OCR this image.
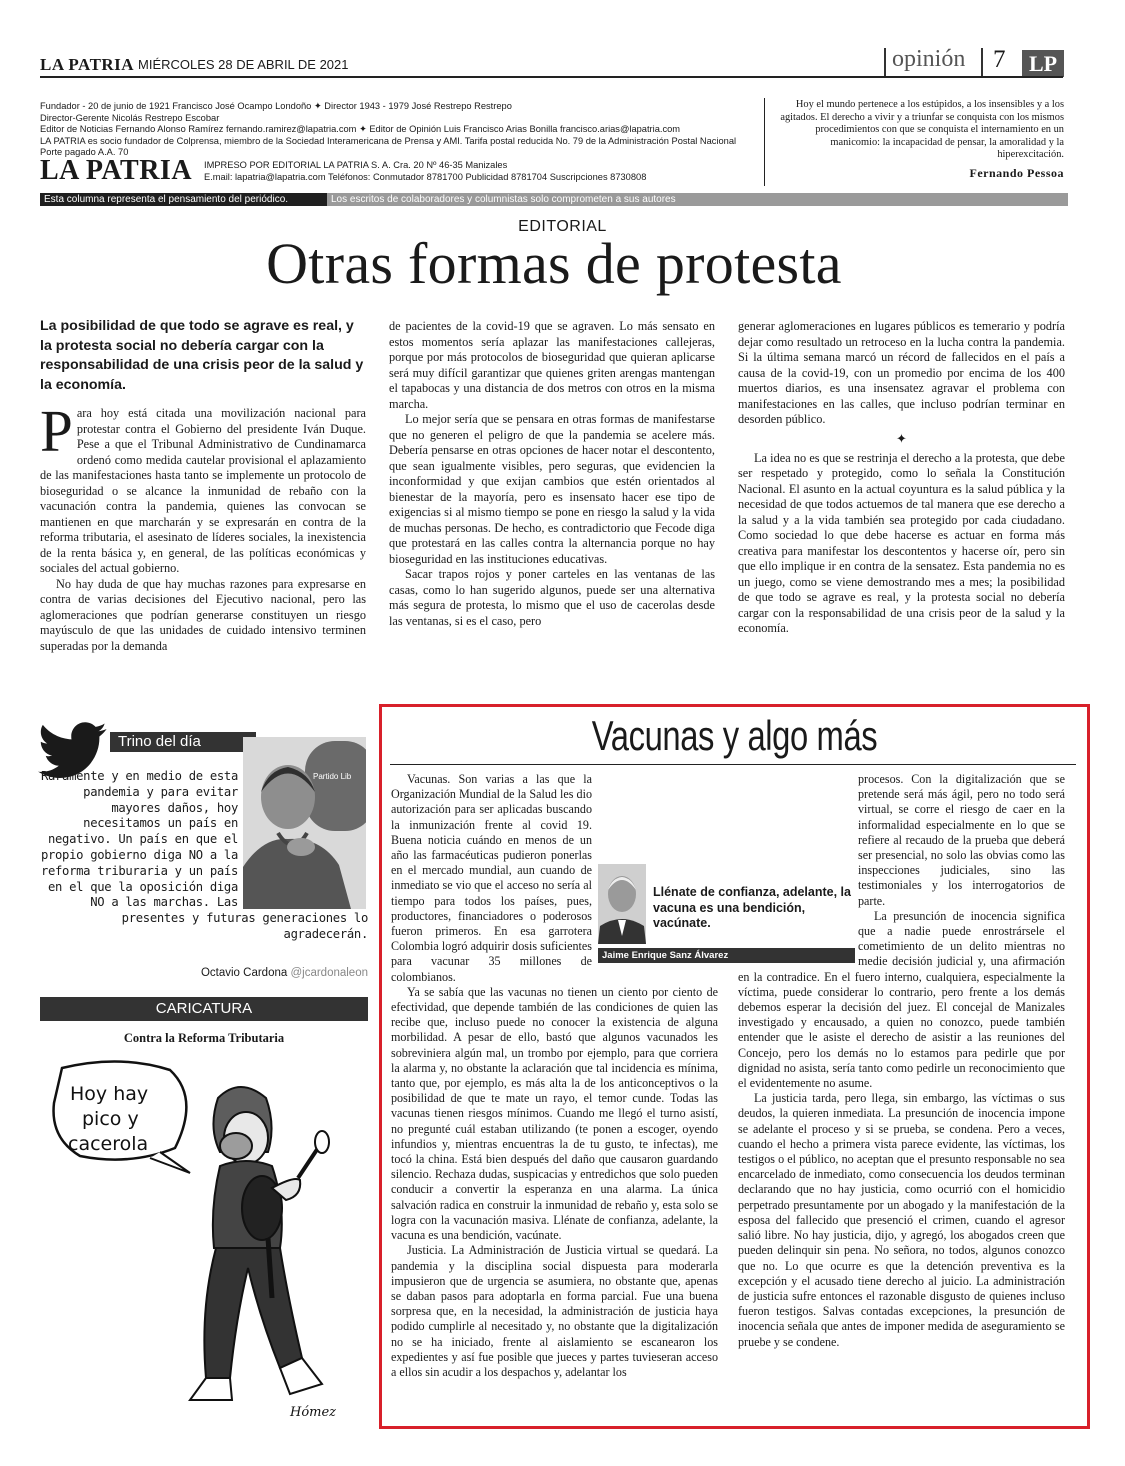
LA PATRIA MIÉRCOLES 28 DE ABRIL DE 2021	opinión 7	LP
Fundador - 20 de junio de 1921 Francisco José Ocampo Londoño ✦ Director 1943 - 1979 José Restrepo Restrepo
Director-Gerente Nicolás Restrepo Escobar
Editor de Noticias Fernando Alonso Ramírez fernando.ramirez@lapatria.com ✦ Editor de Opinión Luis Francisco Arias Bonilla francisco.arias@lapatria.com
LA PATRIA es socio fundador de Colprensa, miembro de la Sociedad Interamericana de Prensa y AMI. Tarifa postal reducida No. 79 de la Administración Postal Nacional Porte pagado A.A. 70
LA PATRIA IMPRESO POR EDITORIAL LA PATRIA S. A. Cra. 20 Nº 46-35 Manizales
E.mail: lapatria@lapatria.com Teléfonos: Conmutador 8781700 Publicidad 8781704 Suscripciones 8730808
Hoy el mundo pertenece a los estúpidos, a los insensibles y a los agitados. El derecho a vivir y a triunfar se conquista con los mismos procedimientos con que se conquista el internamiento en un manicomio: la incapacidad de pensar, la amoralidad y la hiperexcitación.
Fernando Pessoa
Esta columna representa el pensamiento del periódico.	Los escritos de colaboradores y columnistas solo comprometen a sus autores
EDITORIAL
Otras formas de protesta
La posibilidad de que todo se agrave es real, y la protesta social no debería cargar con la responsabilidad de una crisis peor de la salud y la economía.

Para hoy está citada una movilización nacional para protestar contra el Gobierno del presidente Iván Duque. Pese a que el Tribunal Administrativo de Cundinamarca ordenó como medida cautelar provisional el aplazamiento de las manifestaciones hasta tanto se implemente un protocolo de bioseguridad o se alcance la inmunidad de rebaño con la vacunación contra la pandemia, quienes las convocan se mantienen en que marcharán y se expresarán en contra de la reforma tributaria, el asesinato de líderes sociales, la inexistencia de la renta básica y, en general, de las políticas económicas y sociales del actual gobierno.

No hay duda de que hay muchas razones para expresarse en contra de varias decisiones del Ejecutivo nacional, pero las aglomeraciones que podrían generarse constituyen un riesgo mayúsculo de que las unidades de cuidado intensivo terminen superadas por la demanda

de pacientes de la covid-19 que se agraven. Lo más sensato en estos momentos sería aplazar las manifestaciones callejeras, porque por más protocolos de bioseguridad que quieran aplicarse será muy difícil garantizar que quienes griten arengas mantengan el tapabocas y una distancia de dos metros con otros en la misma marcha.

Lo mejor sería que se pensara en otras formas de manifestarse que no generen el peligro de que la pandemia se acelere más. Debería pensarse en otras opciones de hacer notar el descontento, que sean igualmente visibles, pero seguras, que evidencien la inconformidad y que exijan cambios que estén orientados al bienestar de la mayoría, pero es insensato hacer ese tipo de exigencias si al mismo tiempo se pone en riesgo la salud y la vida de muchas personas. De hecho, es contradictorio que Fecode diga que protestará en las calles contra la alternancia porque no hay bioseguridad en las instituciones educativas.

Sacar trapos rojos y poner carteles en las ventanas de las casas, como lo han sugerido algunos, puede ser una alternativa más segura de protesta, lo mismo que el uso de cacerolas desde las ventanas, si es el caso, pero

generar aglomeraciones en lugares públicos es temerario y podría dejar como resultado un retroceso en la lucha contra la pandemia. Si la última semana marcó un récord de fallecidos en el país a causa de la covid-19, con un promedio por encima de los 400 muertos diarios, es una insensatez agravar el problema con manifestaciones en las calles, que incluso podrían terminar en desorden público.

✦

La idea no es que se restrinja el derecho a la protesta, que debe ser respetado y protegido, como lo señala la Constitución Nacional. El asunto en la actual coyuntura es la salud pública y la necesidad de que todos actuemos de tal manera que ese derecho a la salud y a la vida también sea protegido por cada ciudadano. Como sociedad lo que debe hacerse es actuar en forma más creativa para manifestar los descontentos y hacerse oír, pero sin que ello implique ir en contra de la sensatez. Esta pandemia no es un juego, como se viene demostrando mes a mes; la posibilidad de que todo se agrave es real, y la protesta social no debería cargar con la responsabilidad de una crisis peor de la salud y la economía.

Trino del día
Partido Lib
Raramente y en medio de esta pandemia y para evitar mayores daños, hoy necesitamos un país en negativo. Un país en que el propio gobierno diga NO a la reforma triburaria y un país en el que la oposición diga NO a las marchas. Las presentes y futuras generaciones lo agradecerán.
Octavio Cardona @jcardonaleon
CARICATURA
Contra la Reforma Tributaria
Hoy hay
pico y
cacerola
Hómez
Vacunas y algo más

Vacunas. Son varias a las que la Organización Mundial de la Salud les dio autorización para ser aplicadas buscando la inmunización frente al covid 19. Buena noticia cuándo en menos de un año las farmacéuticas pudieron ponerlas en el mercado mundial, aun cuando de inmediato se vio que el acceso no sería al tiempo para todos los países, pues, productores, financiadores o poderosos fueron primeros. En esa garrotera Colombia logró adquirir dosis suficientes para vacunar 35 millones de colombianos.

Ya se sabía que las vacunas no tienen un ciento por ciento de efectividad, que depende también de las condiciones de quien las recibe que, incluso puede no conocer la existencia de alguna morbilidad. A pesar de ello, bastó que algunos vacunados les sobreviniera algún mal, un trombo por ejemplo, para que corriera la alarma y, no obstante la aclaración que tal incidencia es mínima, tanto que, por ejemplo, es más alta la de los anticonceptivos o la posibilidad de que te mate un rayo, el temor cunde. Todas las vacunas tienen riesgos mínimos. Cuando me llegó el turno asistí, no pregunté cuál estaban utilizando (te ponen a escoger, oyendo infundios y, mientras encuentras la de tu gusto, te infectas), me tocó la china. Está bien después del daño que causaron guardando silencio. Rechaza dudas, suspicacias y entredichos que solo pueden conducir a convertir la esperanza en una alarma. La única salvación radica en construir la inmunidad de rebaño y, esta solo se logra con la vacunación masiva. Llénate de confianza, adelante, la vacuna es una bendición, vacúnate.

Justicia. La Administración de Justicia virtual se quedará. La pandemia y la disciplina social dispuesta para moderarla impusieron que de urgencia se asumiera, no obstante que, apenas se daban pasos para adoptarla en forma parcial. Fue una buena sorpresa que, en la necesidad, la administración de justicia haya podido cumplirle al necesitado y, no obstante que la digitalización no se ha iniciado, frente al aislamiento se escanearon los expedientes y así fue posible que jueces y partes tuvieseran acceso a ellos sin acudir a los despachos y, adelantar los

procesos. Con la digitalización que se pretende será más ágil, pero no todo será virtual, se corre el riesgo de caer en la informalidad especialmente en lo que se refiere al recaudo de la prueba que deberá ser presencial, no solo las obvias como las inspecciones judiciales, sino las testimoniales y los interrogatorios de parte.

La presunción de inocencia significa que a nadie puede enrostrársele el cometimiento de un delito mientras no medie decisión judicial y, una afirmación en la contradice. En el fuero interno, cualquiera, especialmente la víctima, puede considerar lo contrario, pero frente a los demás debemos esperar la decisión del juez. El concejal de Manizales investigado y encausado, a quien no conozco, puede también entender que le asiste el derecho de asistir a las reuniones del Concejo, pero los demás no lo estamos para pedirle que por dignidad no asista, sería tanto como pedirle un reconocimiento que el evidentemente no asume.

La justicia tarda, pero llega, sin embargo, las víctimas o sus deudos, la quieren inmediata. La presunción de inocencia impone se adelante el proceso y si se prueba, se condena. Pero a veces, cuando el hecho a primera vista parece evidente, las víctimas, los testigos o el público, no aceptan que el presunto responsable no sea encarcelado de inmediato, como consecuencia los deudos terminan declarando que no hay justicia, como ocurrió con el homicidio perpetrado presuntamente por un abogado y la manifestación de la esposa del fallecido que presenció el crimen, cuando el agresor salió libre. No hay justicia, dijo, y agregó, los abogados creen que pueden delinquir sin pena. No señora, no todos, algunos conozco que no. Lo que ocurre es que la detención preventiva es la excepción y el acusado tiene derecho al juicio. La administración de justicia sufre entonces el razonable disgusto de quienes incluso fueron testigos. Salvas contadas excepciones, la presunción de inocencia señala que antes de imponer medida de aseguramiento se pruebe y se condene.

Llénate de confianza, adelante, la vacuna es una bendición, vacúnate.
Jaime Enrique Sanz Álvarez
